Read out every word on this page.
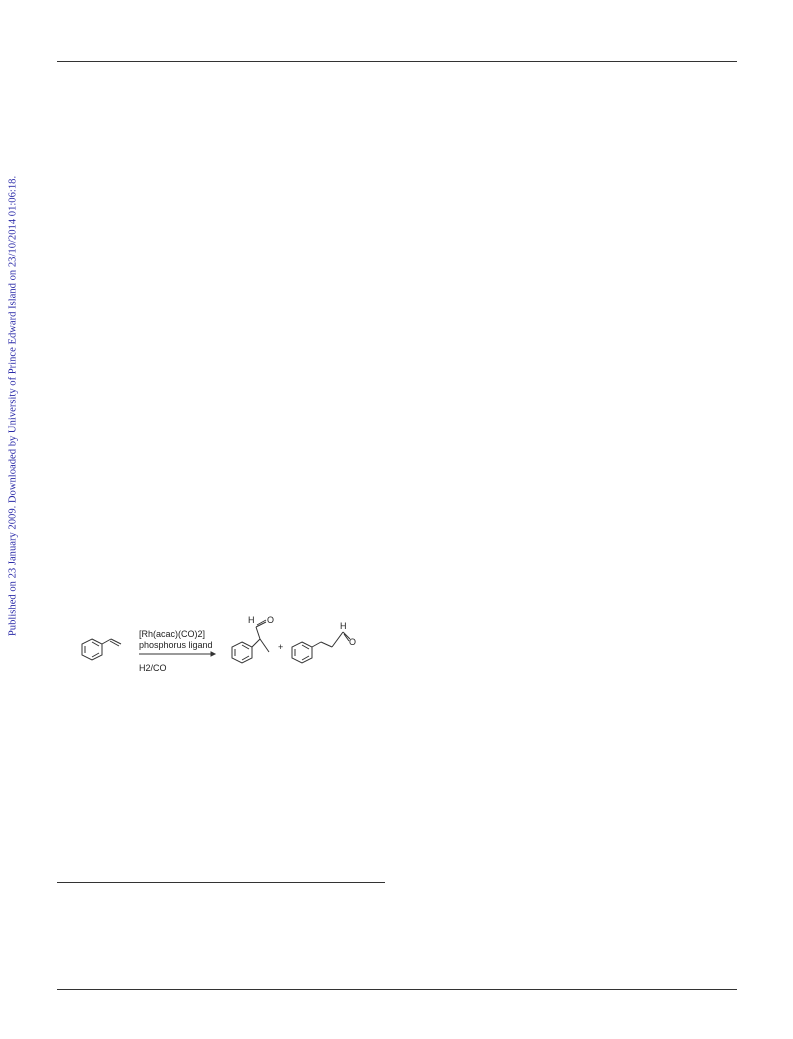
Published on 23 January 2009. Downloaded by University of Prince Edward Island on 23/10/2014 01:06:18.	[Rh(acac)(CO)2]
phosphorus ligand
H2/CO
+
H O
H
O
